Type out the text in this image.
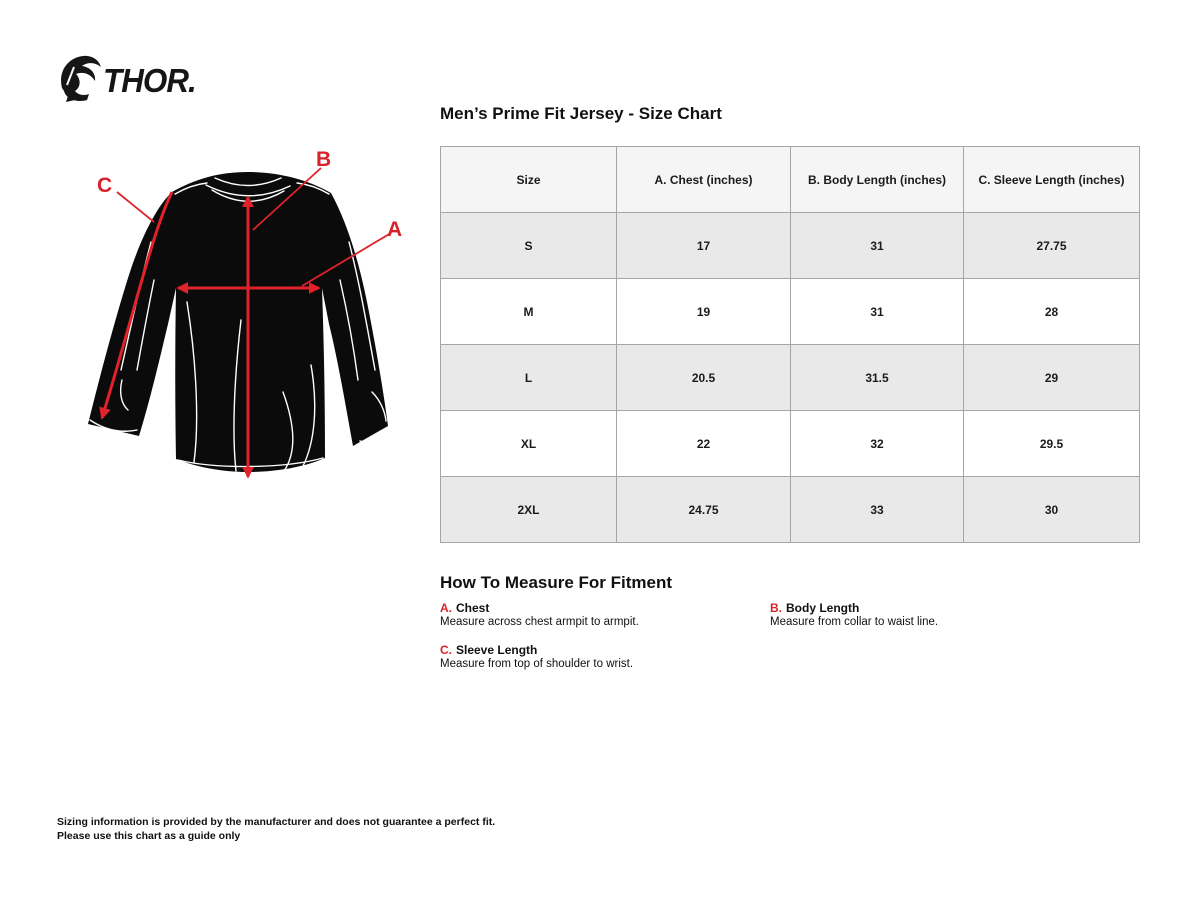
THOR.
A
B
C
Men’s Prime Fit Jersey - Size Chart
Size	A. Chest (inches)	B. Body Length (inches)	C. Sleeve Length (inches)
S	17	31	27.75
M	19	31	28
L	20.5	31.5	29
XL	22	32	29.5
2XL	24.75	33	30
How To Measure For Fitment
A. Chest
Measure across chest armpit to armpit.
B. Body Length
Measure from collar to waist line.
C. Sleeve Length
Measure from top of shoulder to wrist.
Sizing information is provided by the manufacturer and does not guarantee a perfect fit.
Please use this chart as a guide only
